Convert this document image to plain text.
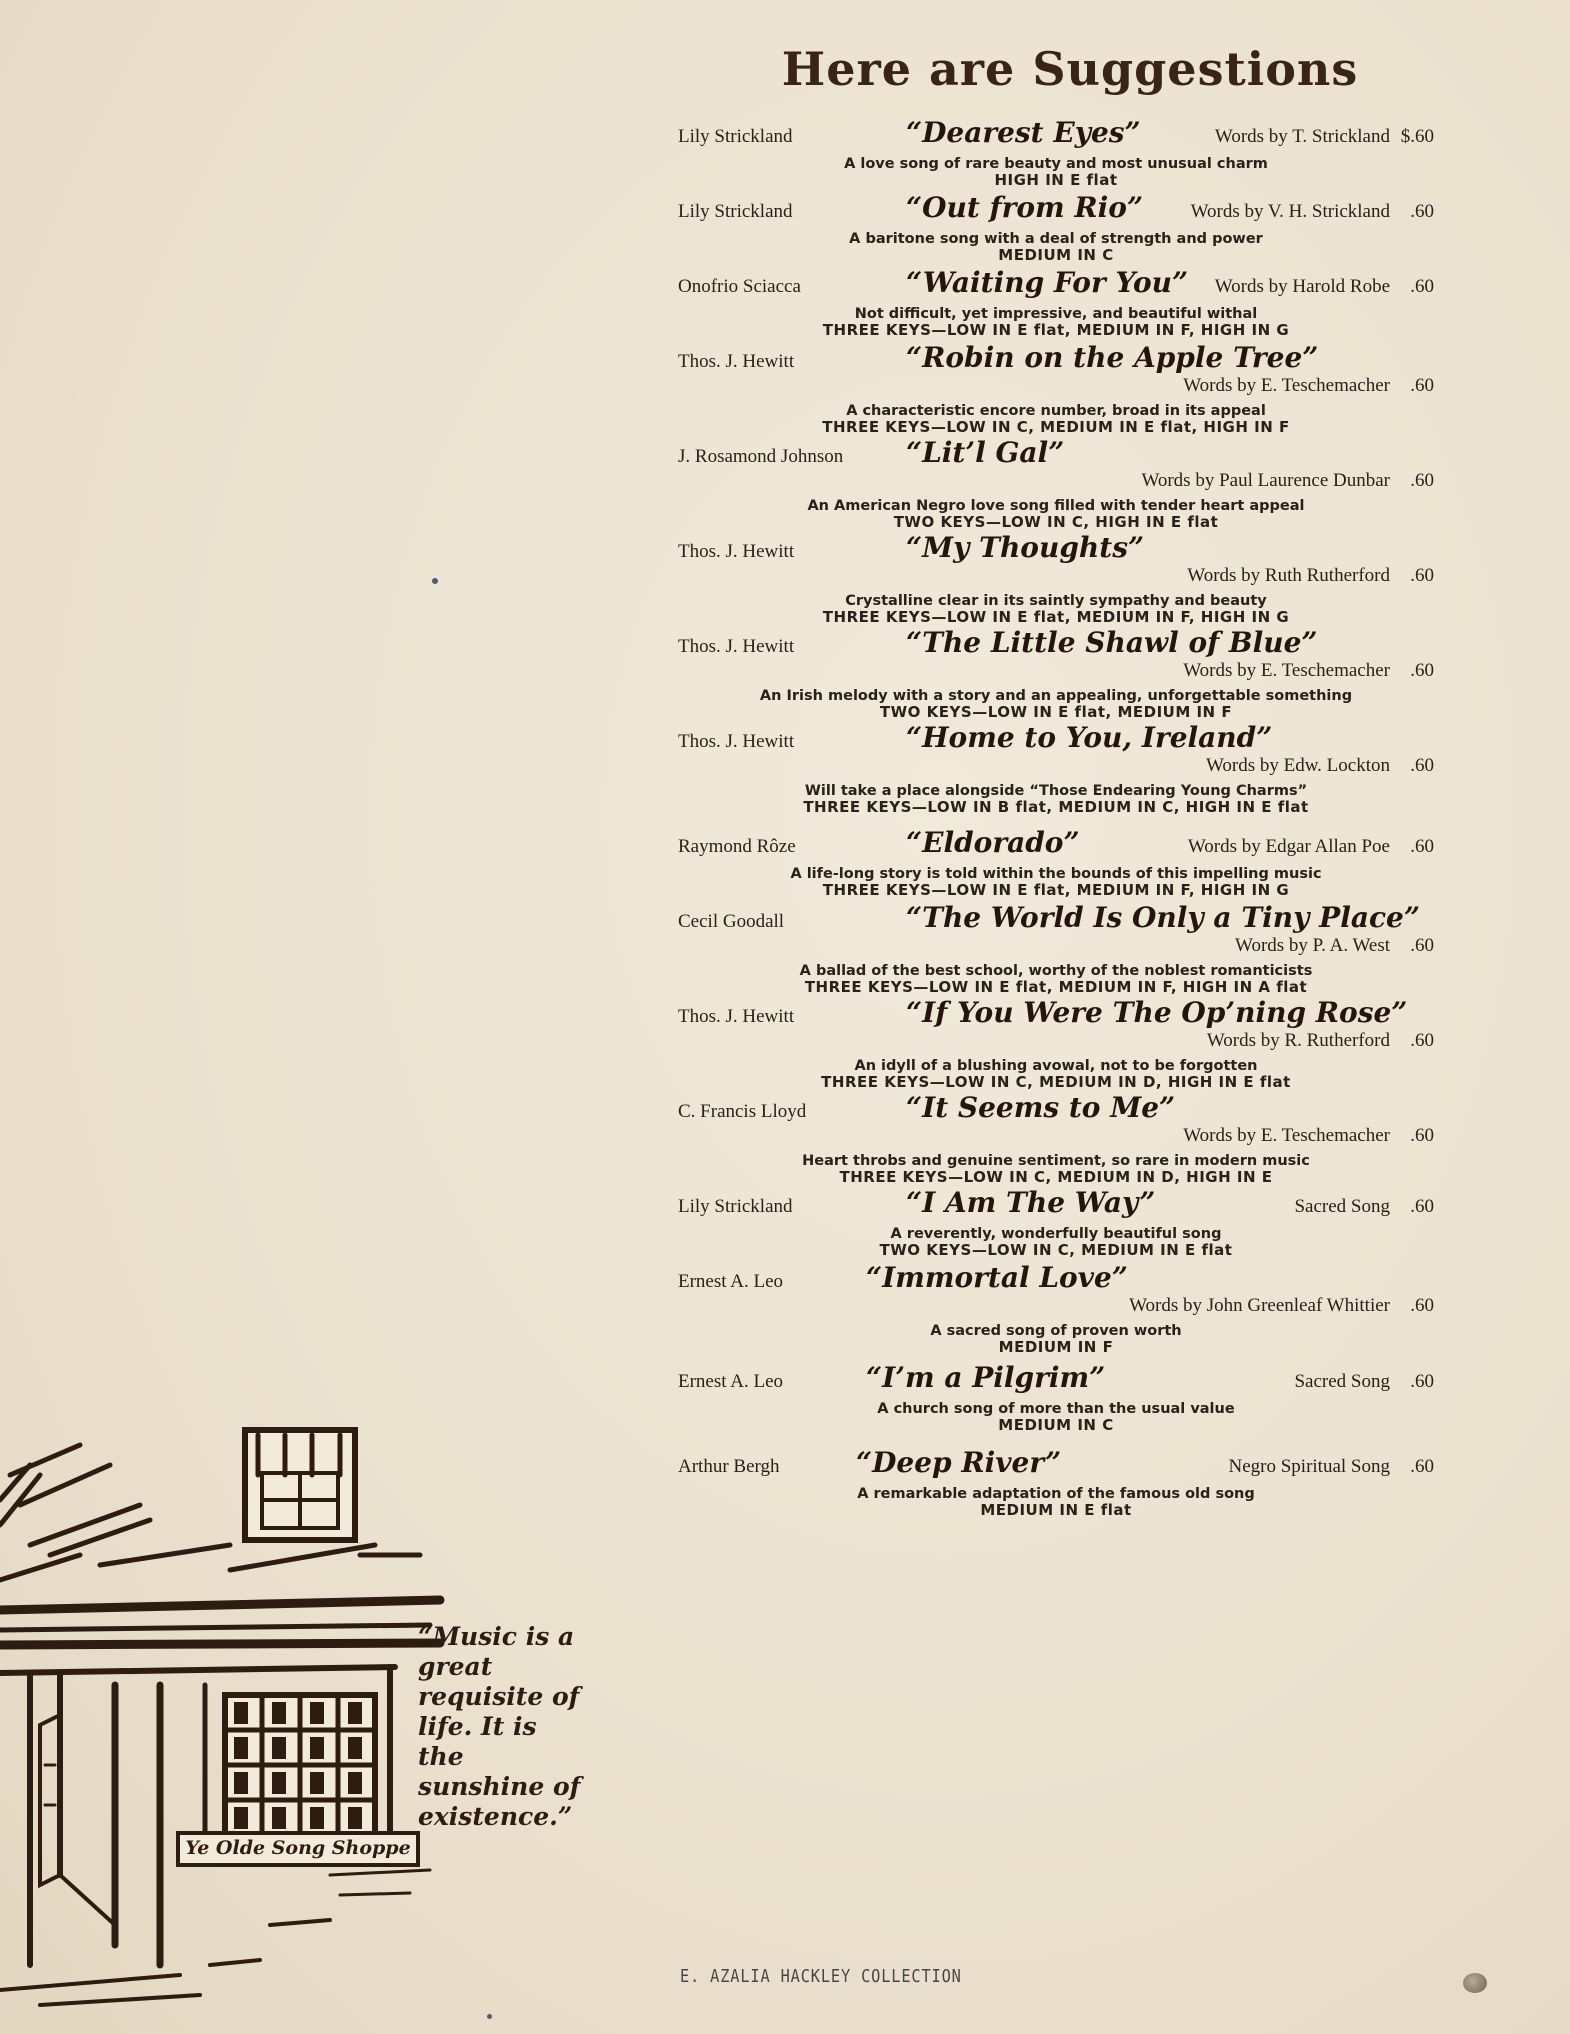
Here are Suggestions
Lily Strickland	“Dearest Eyes”	Words by T. Strickland $.60
A love song of rare beauty and most unusual charm
HIGH IN E flat
Lily Strickland	“Out from Rio”	Words by V. H. Strickland .60
A baritone song with a deal of strength and power
MEDIUM IN C
Onofrio Sciacca	“Waiting For You” Words by Harold Robe .60
Not difficult, yet impressive, and beautiful withal
THREE KEYS—LOW IN E flat, MEDIUM IN F, HIGH IN G
Thos. J. Hewitt	“Robin on the Apple Tree”
Words by E. Teschemacher .60
A characteristic encore number, broad in its appeal
THREE KEYS—LOW IN C, MEDIUM IN E flat, HIGH IN F
J. Rosamond Johnson “Lit’l Gal”
Words by Paul Laurence Dunbar .60
An American Negro love song filled with tender heart appeal
TWO KEYS—LOW IN C, HIGH IN E flat
Thos. J. Hewitt	“My Thoughts”
Words by Ruth Rutherford .60
Crystalline clear in its saintly sympathy and beauty
THREE KEYS—LOW IN E flat, MEDIUM IN F, HIGH IN G
Thos. J. Hewitt	“The Little Shawl of Blue”
Words by E. Teschemacher .60
An Irish melody with a story and an appealing, unforgettable something
TWO KEYS—LOW IN E flat, MEDIUM IN F
Thos. J. Hewitt	“Home to You, Ireland”
Words by Edw. Lockton .60
Will take a place alongside “Those Endearing Young Charms”
THREE KEYS—LOW IN B flat, MEDIUM IN C, HIGH IN E flat
Raymond Rôze	“Eldorado”	Words by Edgar Allan Poe .60
A life-long story is told within the bounds of this impelling music
THREE KEYS—LOW IN E flat, MEDIUM IN F, HIGH IN G
Cecil Goodall	“The World Is Only a Tiny Place”
Words by P. A. West .60
A ballad of the best school, worthy of the noblest romanticists
THREE KEYS—LOW IN E flat, MEDIUM IN F, HIGH IN A flat
Thos. J. Hewitt	“If You Were The Op’ning Rose”
Words by R. Rutherford .60
An idyll of a blushing avowal, not to be forgotten
THREE KEYS—LOW IN C, MEDIUM IN D, HIGH IN E flat
C. Francis Lloyd	“It Seems to Me”
Words by E. Teschemacher .60
Heart throbs and genuine sentiment, so rare in modern music
THREE KEYS—LOW IN C, MEDIUM IN D, HIGH IN E
Lily Strickland	“I Am The Way”	Sacred Song .60
A reverently, wonderfully beautiful song
TWO KEYS—LOW IN C, MEDIUM IN E flat
Ernest A. Leo	“Immortal Love”
Words by John Greenleaf Whittier .60
A sacred song of proven worth
MEDIUM IN F
Ernest A. Leo	“I’m a Pilgrim”	Sacred Song .60
A church song of more than the usual value
MEDIUM IN C
Arthur Bergh	“Deep River”	Negro Spiritual Song .60
A remarkable adaptation of the famous old song
MEDIUM IN E flat
Ye Olde Song Shoppe
“Music is a great requisite of life. It is the sunshine of existence.”
E. AZALIA HACKLEY COLLECTION
